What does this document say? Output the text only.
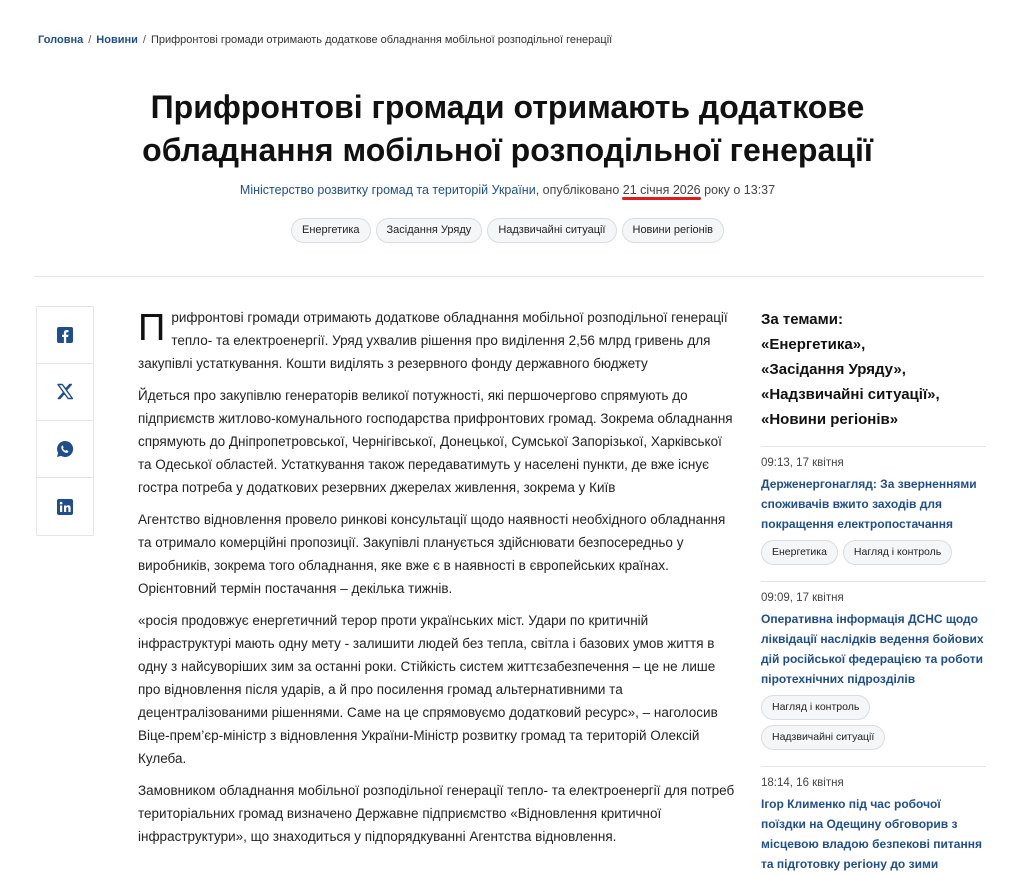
Головна / Новини / Прифронтові громади отримають додаткове обладнання мобільної розподільної генерації
Прифронтові громади отримають додаткове
обладнання мобільної розподільної генерації
Міністерство розвитку громад та територій України, опубліковано 21 січня 2026 року о 13:37
Енергетика	Засідання Уряду	Надзвичайні ситуації	Новини регіонів

Прифронтові громади отримають додаткове обладнання мобільної розподільної генерації тепло- та електроенергії. Уряд ухвалив рішення про виділення 2,56 млрд гривень для закупівлі устаткування. Кошти виділять з резервного фонду державного бюджету

Йдеться про закупівлю генераторів великої потужності, які першочергово спрямують до підприємств житлово-комунального господарства прифронтових громад. Зокрема обладнання спрямують до Дніпропетровської, Чернігівської, Донецької, Сумської Запорізької, Харківської та Одеської областей. Устаткування також передаватимуть у населені пункти, де вже існує гостра потреба у додаткових резервних джерелах живлення, зокрема у Київ

Агентство відновлення провело ринкові консультації щодо наявності необхідного обладнання та отримало комерційні пропозиції. Закупівлі планується здійснювати безпосередньо у виробників, зокрема того обладнання, яке вже є в наявності в європейських країнах. Орієнтовний термін постачання – декілька тижнів.

«росія продовжує енергетичний терор проти українських міст. Удари по критичній інфраструктурі мають одну мету - залишити людей без тепла, світла і базових умов життя в одну з найсуворіших зим за останні роки. Стійкість систем життєзабезпечення – це не лише про відновлення після ударів, а й про посилення громад альтернативними та децентралізованими рішеннями. Саме на це спрямовуємо додатковий ресурс», – наголосив Віце-прем’єр-міністр з відновлення України-Міністр розвитку громад та територій Олексій Кулеба.

Замовником обладнання мобільної розподільної генерації тепло- та електроенергії для потреб територіальних громад визначено Державне підприємство «Відновлення критичної інфраструктури», що знаходиться у підпорядкуванні Агентства відновлення.

За темами:
«Енергетика»,
«Засідання Уряду»,
«Надзвичайні ситуації»,
«Новини регіонів»
09:13, 17 квітня
Держенергонагляд: За зверненнями споживачів вжито заходів для покращення електропостачання
Енергетика	Нагляд і контроль
09:09, 17 квітня
Оперативна інформація ДСНС щодо ліквідації наслідків ведення бойових дій російської федерацією та роботи піротехнічних підрозділів
Нагляд і контроль
Надзвичайні ситуації
18:14, 16 квітня
Ігор Клименко під час робочої поїздки на Одещину обговорив з місцевою владою безпекові питання та підготовку регіону до зими
